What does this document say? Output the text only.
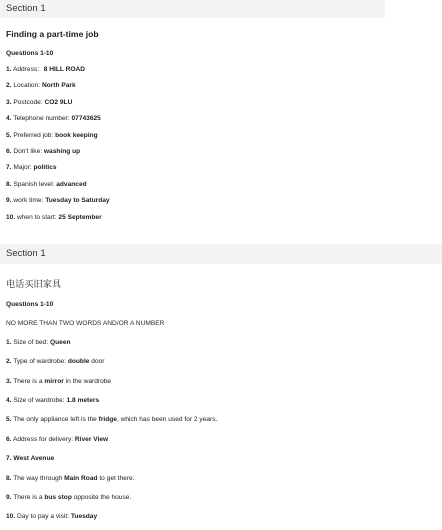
Section 1
Finding a part-time job
Questions 1-10
1. Address：8 HILL ROAD
2. Location: North Park
3. Postcode: CO2 9LU
4. Telephone number: 07743625
5. Preferred job: book keeping
6. Don't like: washing up
7. Major: politics
8. Spanish level: advanced
9. work time: Tuesday to Saturday
10. when to start: 25 September
Section 1
电话买旧家具
Questions 1-10
NO MORE THAN TWO WORDS AND/OR A NUMBER
1. Size of bed: Queen
2. Type of wardrobe: double door
3. There is a mirror in the wardrobe
4. Size of wardrobe: 1.8 meters
5. The only appliance left is the fridge, which has been used for 2 years.
6. Address for delivery: River View
7. West Avenue
8. The way through Main Road to get there.
9. There is a bus stop opposite the house.
10. Day to pay a visit: Tuesday
